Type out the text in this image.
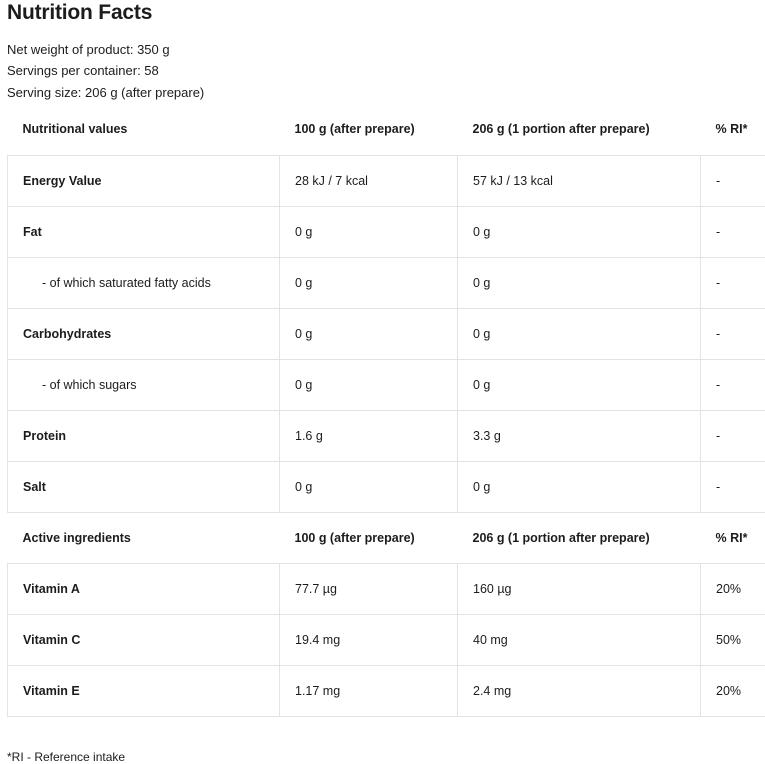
Nutrition Facts
Net weight of product: 350 g
Servings per container: 58
Serving size: 206 g (after prepare)
Nutritional values	100 g (after prepare)	206 g (1 portion after prepare)	% RI*
Energy Value	28 kJ / 7 kcal	57 kJ / 13 kcal	-
Fat	0 g	0 g	-
- of which saturated fatty acids	0 g	0 g	-
Carbohydrates	0 g	0 g	-
- of which sugars	0 g	0 g	-
Protein	1.6 g	3.3 g	-
Salt	0 g	0 g	-
Active ingredients	100 g (after prepare)	206 g (1 portion after prepare)	% RI*
Vitamin A	77.7 µg	160 µg	20%
Vitamin C	19.4 mg	40 mg	50%
Vitamin E	1.17 mg	2.4 mg	20%
*RI - Reference intake
